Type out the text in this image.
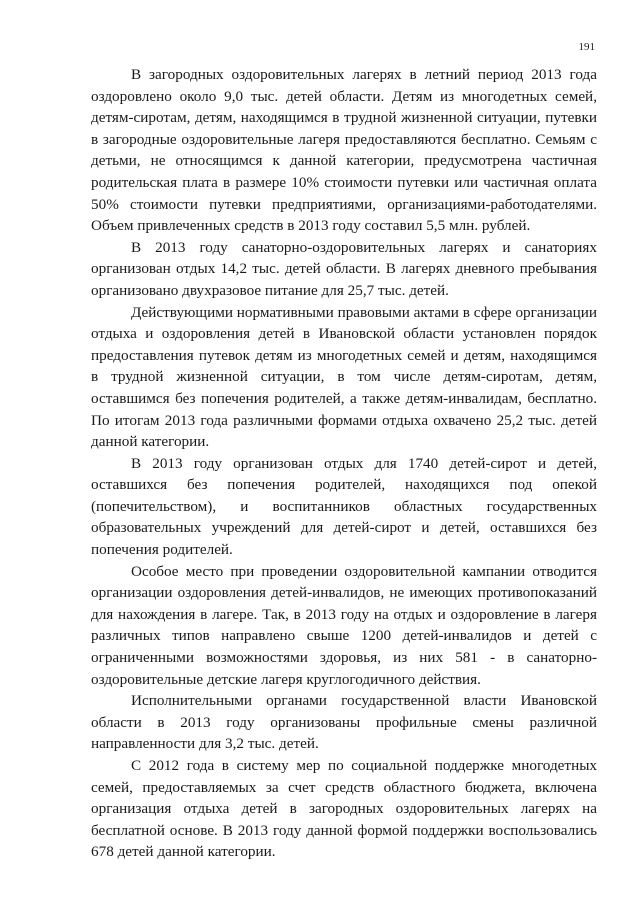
191

В загородных оздоровительных лагерях в летний период 2013 года оздоровлено около 9,0 тыс. детей области. Детям из многодетных семей, детям-сиротам, детям, находящимся в трудной жизненной ситуации, путевки в загородные оздоровительные лагеря предоставляются бесплатно. Семьям с детьми, не относящимся к данной категории, предусмотрена частичная родительская плата в размере 10% стоимости путевки или частичная оплата 50% стоимости путевки предприятиями, организациями-работодателями. Объем привлеченных средств в 2013 году составил 5,5 млн. рублей.

В 2013 году санаторно-оздоровительных лагерях и санаториях организован отдых 14,2 тыс. детей области. В лагерях дневного пребывания организовано двухразовое питание для 25,7 тыс. детей.

Действующими нормативными правовыми актами в сфере организации отдыха и оздоровления детей в Ивановской области установлен порядок предоставления путевок детям из многодетных семей и детям, находящимся в трудной жизненной ситуации, в том числе детям-сиротам, детям, оставшимся без попечения родителей, а также детям-инвалидам, бесплатно. По итогам 2013 года различными формами отдыха охвачено 25,2 тыс. детей данной категории.

В 2013 году организован отдых для 1740 детей-сирот и детей, оставшихся без попечения родителей, находящихся под опекой (попечительством), и воспитанников областных государственных образовательных учреждений для детей-сирот и детей, оставшихся без попечения родителей.

Особое место при проведении оздоровительной кампании отводится организации оздоровления детей-инвалидов, не имеющих противопоказаний для нахождения в лагере. Так, в 2013 году на отдых и оздоровление в лагеря различных типов направлено свыше 1200 детей-инвалидов и детей с ограниченными возможностями здоровья, из них 581 - в санаторно-оздоровительные детские лагеря круглогодичного действия.

Исполнительными органами государственной власти Ивановской области в 2013 году организованы профильные смены различной направленности для 3,2 тыс. детей.

С 2012 года в систему мер по социальной поддержке многодетных семей, предоставляемых за счет средств областного бюджета, включена организация отдыха детей в загородных оздоровительных лагерях на бесплатной основе. В 2013 году данной формой поддержки воспользовались 678 детей данной категории.
